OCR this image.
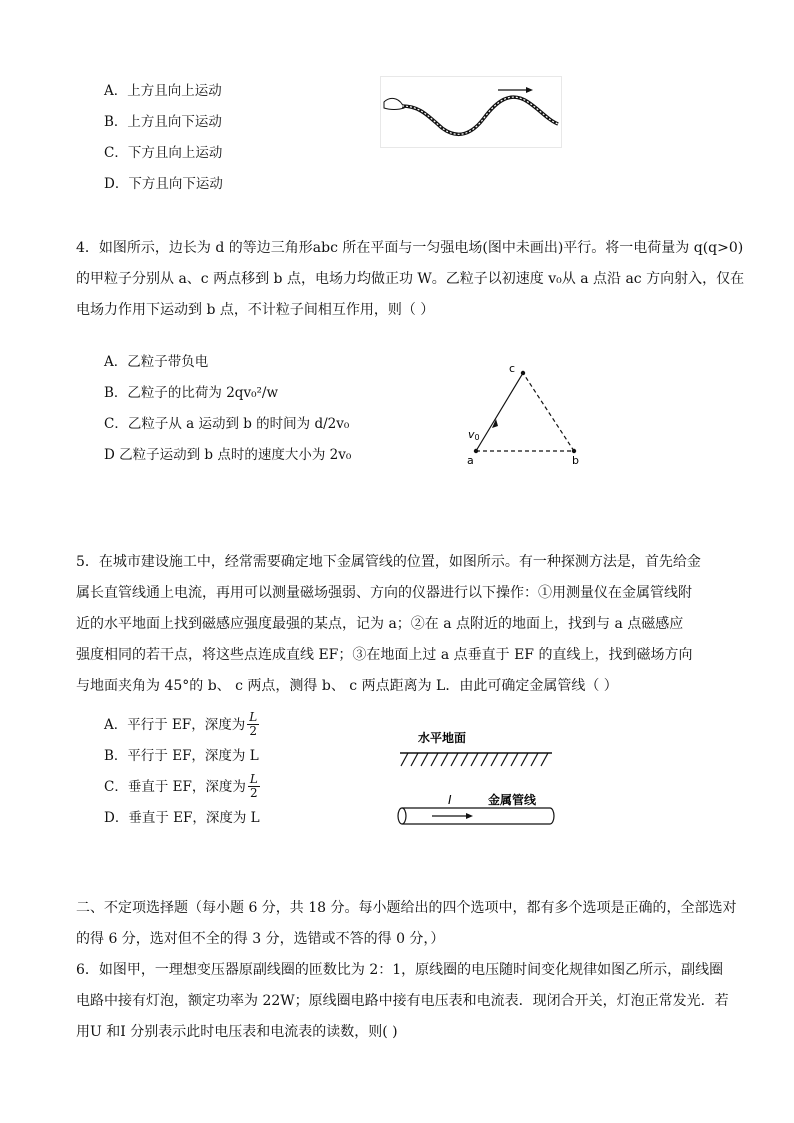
A．上方且向上运动
B．上方且向下运动
C．下方且向上运动
D．下方且向下运动

4．如图所示，边长为 d 的等边三角形abc 所在平面与一匀强电场(图中未画出)平行。将一电荷量为 q(q>0)

的甲粒子分别从 a、c 两点移到 b 点，电场力均做正功 W。乙粒子以初速度 v₀从 a 点沿 ac 方向射入，仅在

电场力作用下运动到 b 点，不计粒子间相互作用，则（ ）

A．乙粒子带负电
B．乙粒子的比荷为 2qv₀²/w
C．乙粒子从 a 运动到 b 的时间为 d/2v₀
D 乙粒子运动到 b 点时的速度大小为 2v₀	a	b
c
v0

5．在城市建设施工中，经常需要确定地下金属管线的位置，如图所示。有一种探测方法是，首先给金

属长直管线通上电流，再用可以测量磁场强弱、方向的仪器进行以下操作：①用测量仪在金属管线附

近的水平地面上找到磁感应强度最强的某点，记为 a；②在 a 点附近的地面上，找到与 a 点磁感应

强度相同的若干点，将这些点连成直线 EF；③在地面上过 a 点垂直于 EF 的直线上，找到磁场方向

与地面夹角为 45°的 b、 c 两点，测得 b、 c 两点距离为 L．由此可确定金属管线（ ）

A．平行于 EF，深度为 $\frac{L}{2}$
B．平行于 EF，深度为 L
C．垂直于 EF，深度为 $\frac{L}{2}$
D．垂直于 EF，深度为 L
水平地面
I	金属管线

二、不定项选择题（每小题 6 分，共 18 分。每小题给出的四个选项中，都有多个选项是正确的，全部选对

的得 6 分，选对但不全的得 3 分，选错或不答的得 0 分，）

6．如图甲，一理想变压器原副线圈的匝数比为 2：1，原线圈的电压随时间变化规律如图乙所示，副线圈

电路中接有灯泡，额定功率为 22W；原线圈电路中接有电压表和电流表．现闭合开关，灯泡正常发光．若

用U 和I 分别表示此时电压表和电流表的读数，则( )
